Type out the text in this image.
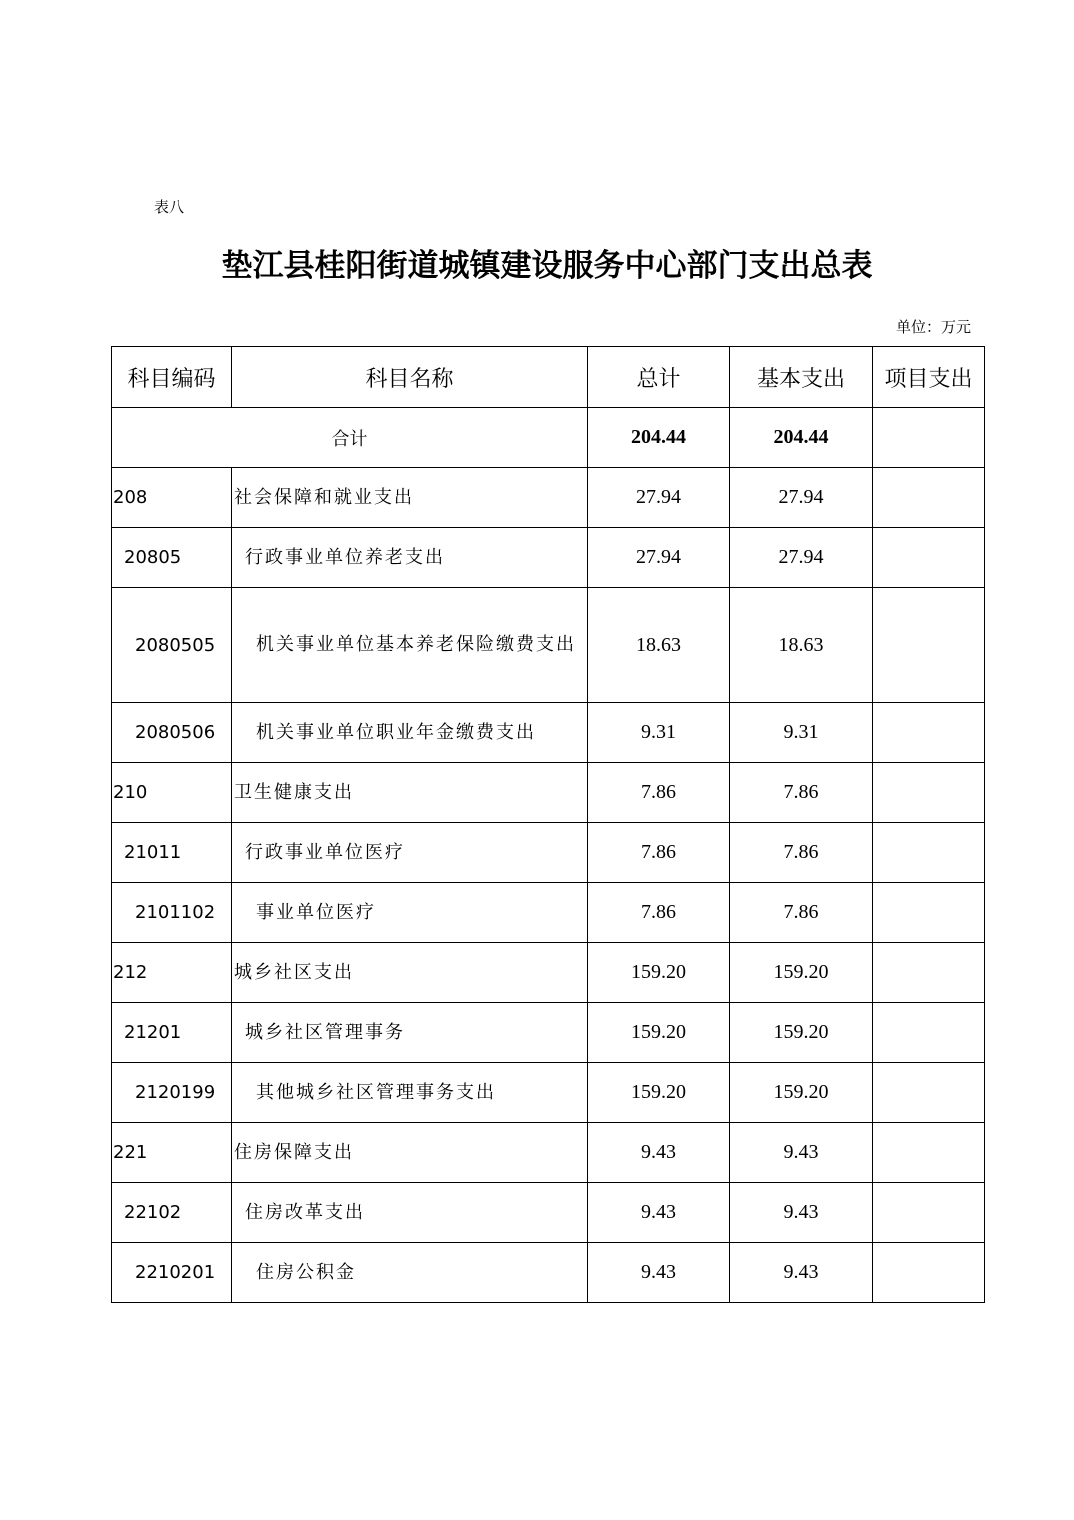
表八
垫江县桂阳街道城镇建设服务中心部门支出总表
单位：万元
科目编码	科目名称	总计	基本支出	项目支出
合计		204.44	204.44	
208	社会保障和就业支出	27.94	27.94	
20805	行政事业单位养老支出	27.94	27.94	
2080505	机关事业单位基本养老保险缴费支出	18.63	18.63	
2080506	机关事业单位职业年金缴费支出	9.31	9.31	
210	卫生健康支出	7.86	7.86	
21011	行政事业单位医疗	7.86	7.86	
2101102	事业单位医疗	7.86	7.86	
212	城乡社区支出	159.20	159.20	
21201	城乡社区管理事务	159.20	159.20	
2120199	其他城乡社区管理事务支出	159.20	159.20	
221	住房保障支出	9.43	9.43	
22102	住房改革支出	9.43	9.43	
2210201	住房公积金	9.43	9.43	
